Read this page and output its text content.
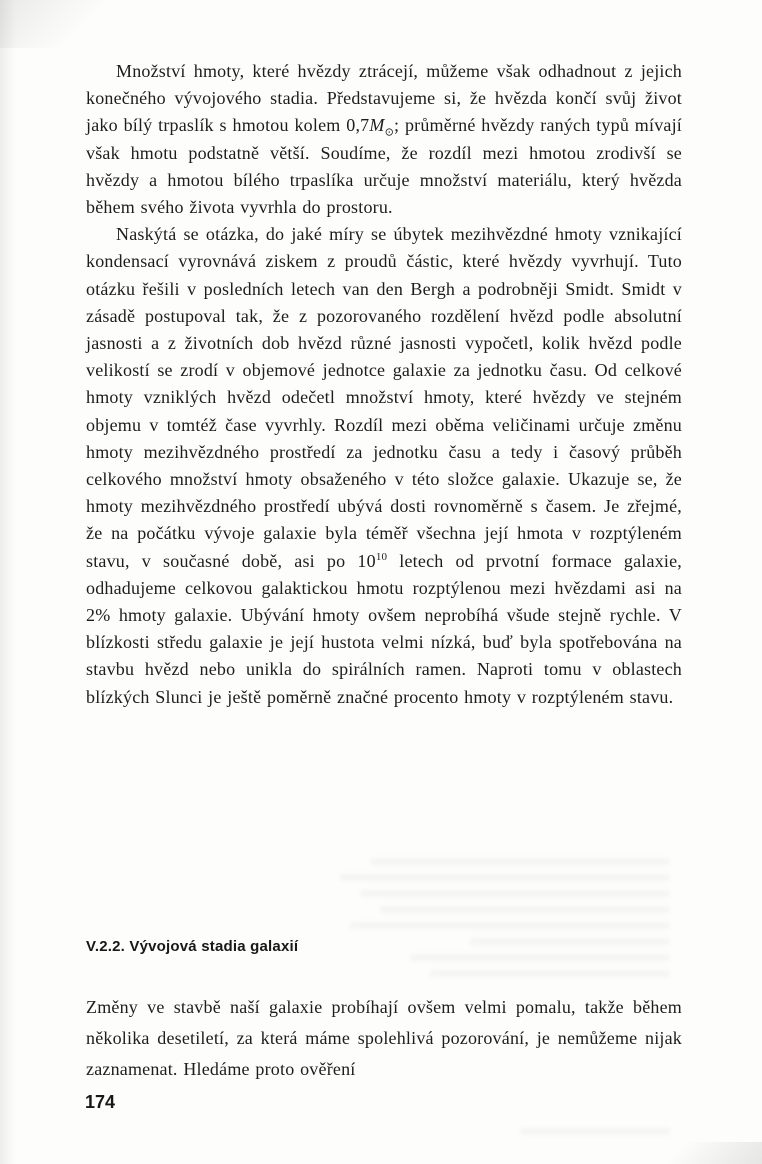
Množství hmoty, které hvězdy ztrácejí, můžeme však odhadnout z jejich konečného vývojového stadia. Představujeme si, že hvězda končí svůj život jako bílý trpaslík s hmotou kolem $0,7M_⊙$; průměrné hvězdy raných typů mívají však hmotu podstatně větší. Soudíme, že rozdíl mezi hmotou zrodivší se hvězdy a hmotou bílého trpaslíka určuje množství materiálu, který hvězda během svého života vyvrhla do prostoru.

Naskýtá se otázka, do jaké míry se úbytek mezihvězdné hmoty vznikající kondensací vyrovnává ziskem z proudů částic, které hvězdy vyvrhují. Tuto otázku řešili v posledních letech van den Bergh a podrobněji Smidt. Smidt v zásadě postupoval tak, že z pozorovaného rozdělení hvězd podle absolutní jasnosti a z životních dob hvězd různé jasnosti vypočetl, kolik hvězd podle velikostí se zrodí v objemové jednotce galaxie za jednotku času. Od celkové hmoty vzniklých hvězd odečetl množství hmoty, které hvězdy ve stejném objemu v tomtéž čase vyvrhly. Rozdíl mezi oběma veličinami určuje změnu hmoty mezihvězdného prostředí za jednotku času a tedy i časový průběh celkového množství hmoty obsaženého v této složce galaxie. Ukazuje se, že hmoty mezihvězdného prostředí ubývá dosti rovnoměrně s časem. Je zřejmé, že na počátku vývoje galaxie byla téměř všechna její hmota v rozptýleném stavu, v současné době, asi po $10^{10}$ letech od prvotní formace galaxie, odhadujeme celkovou galaktickou hmotu rozptýlenou mezi hvězdami asi na 2% hmoty galaxie. Ubývání hmoty ovšem neprobíhá všude stejně rychle. V blízkosti středu galaxie je její hustota velmi nízká, buď byla spotřebována na stavbu hvězd nebo unikla do spirálních ramen. Naproti tomu v oblastech blízkých Slunci je ještě poměrně značné procento hmoty v rozptýleném stavu.

V.2.2. Vývojová stadia galaxií

Změny ve stavbě naší galaxie probíhají ovšem velmi pomalu, takže během několika desetiletí, za která máme spolehlivá pozorování, je nemůžeme nijak zaznamenat. Hledáme proto ověření

174
